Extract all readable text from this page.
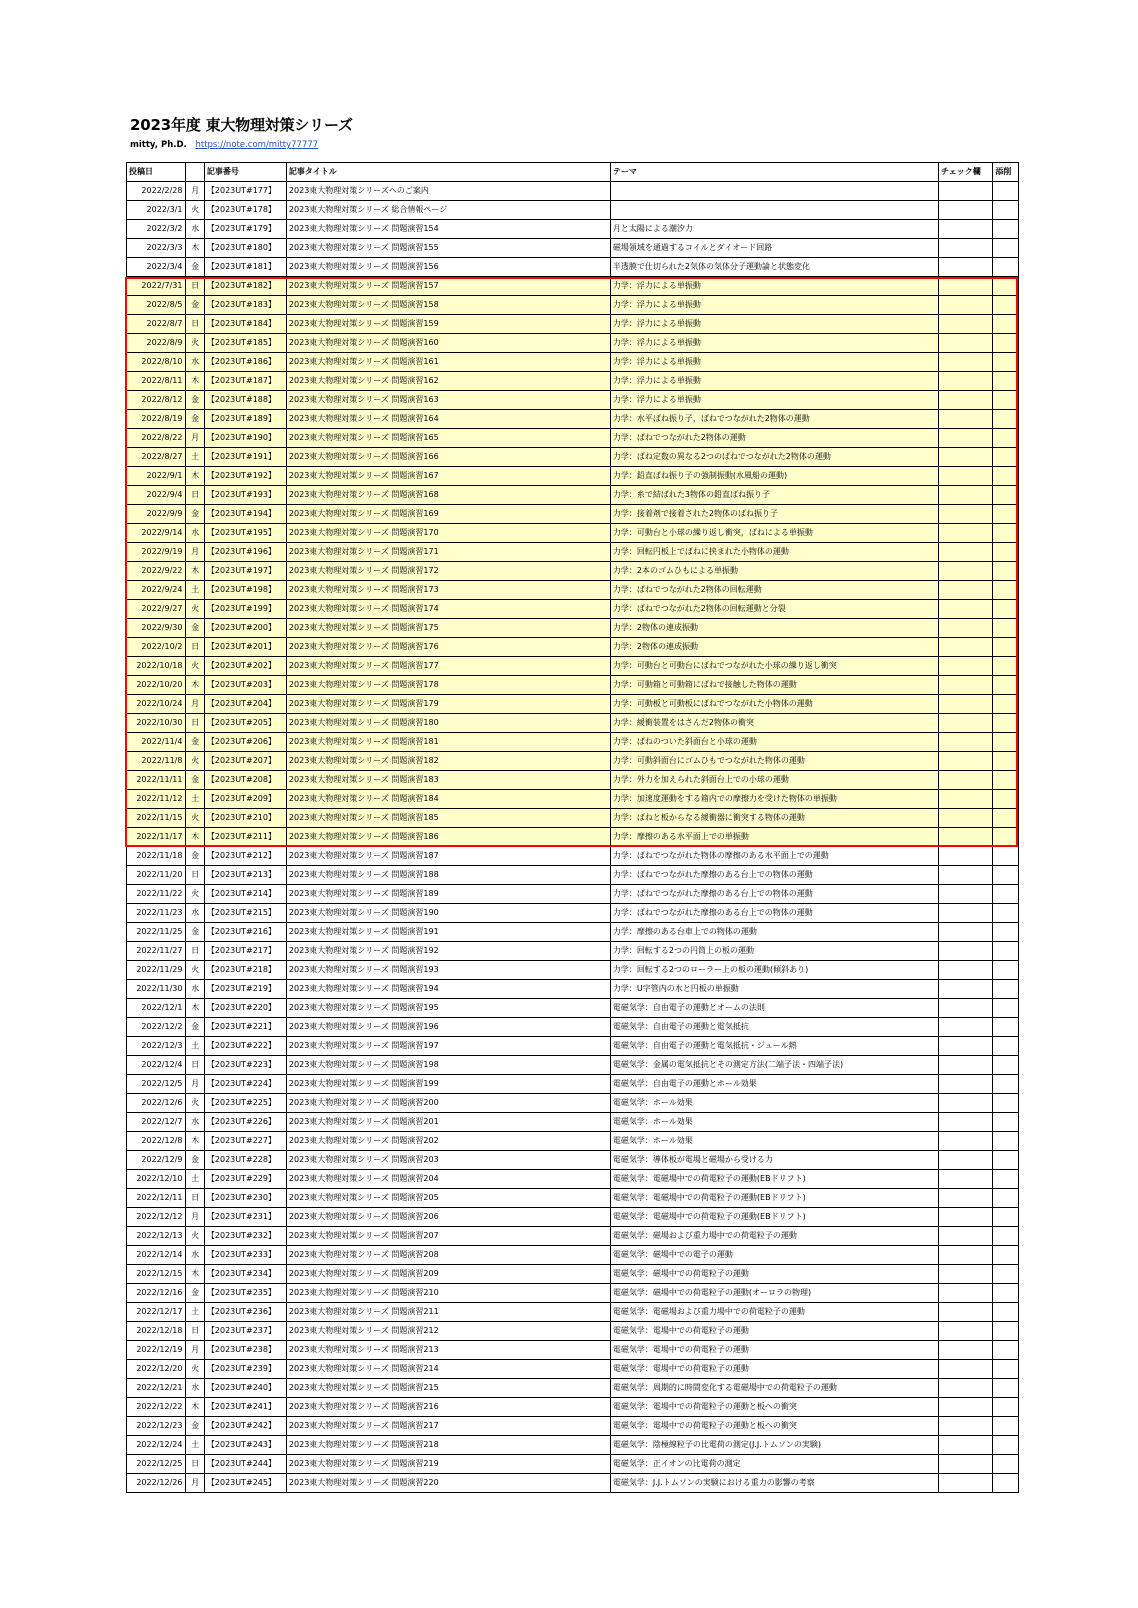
2023年度 東大物理対策シリーズ
mitty, Ph.D. https://note.com/mitty77777
投稿日		記事番号	記事タイトル	テーマ	チェック欄	添削
2022/2/28	月	【2023UT#177】	2023東大物理対策シリーズへのご案内			
2022/3/1	火	【2023UT#178】	2023東大物理対策シリーズ 総合情報ページ			
2022/3/2	水	【2023UT#179】	2023東大物理対策シリーズ 問題演習154	月と太陽による潮汐力		
2022/3/3	木	【2023UT#180】	2023東大物理対策シリーズ 問題演習155	磁場領域を通過するコイルとダイオード回路		
2022/3/4	金	【2023UT#181】	2023東大物理対策シリーズ 問題演習156	半透膜で仕切られた2気体の気体分子運動論と状態変化		
2022/7/31	日	【2023UT#182】	2023東大物理対策シリーズ 問題演習157	力学：浮力による単振動		
2022/8/5	金	【2023UT#183】	2023東大物理対策シリーズ 問題演習158	力学：浮力による単振動		
2022/8/7	日	【2023UT#184】	2023東大物理対策シリーズ 問題演習159	力学：浮力による単振動		
2022/8/9	火	【2023UT#185】	2023東大物理対策シリーズ 問題演習160	力学：浮力による単振動		
2022/8/10	水	【2023UT#186】	2023東大物理対策シリーズ 問題演習161	力学：浮力による単振動		
2022/8/11	木	【2023UT#187】	2023東大物理対策シリーズ 問題演習162	力学：浮力による単振動		
2022/8/12	金	【2023UT#188】	2023東大物理対策シリーズ 問題演習163	力学：浮力による単振動		
2022/8/19	金	【2023UT#189】	2023東大物理対策シリーズ 問題演習164	力学：水平ばね振り子，ばねでつながれた2物体の運動		
2022/8/22	月	【2023UT#190】	2023東大物理対策シリーズ 問題演習165	力学：ばねでつながれた2物体の運動		
2022/8/27	土	【2023UT#191】	2023東大物理対策シリーズ 問題演習166	力学：ばね定数の異なる2つのばねでつながれた2物体の運動		
2022/9/1	木	【2023UT#192】	2023東大物理対策シリーズ 問題演習167	力学：鉛直ばね振り子の強制振動(水風船の運動)		
2022/9/4	日	【2023UT#193】	2023東大物理対策シリーズ 問題演習168	力学：糸で結ばれた3物体の鉛直ばね振り子		
2022/9/9	金	【2023UT#194】	2023東大物理対策シリーズ 問題演習169	力学：接着剤で接着された2物体のばね振り子		
2022/9/14	水	【2023UT#195】	2023東大物理対策シリーズ 問題演習170	力学：可動台と小球の繰り返し衝突，ばねによる単振動		
2022/9/19	月	【2023UT#196】	2023東大物理対策シリーズ 問題演習171	力学：回転円板上でばねに挟まれた小物体の運動		
2022/9/22	木	【2023UT#197】	2023東大物理対策シリーズ 問題演習172	力学：2本のゴムひもによる単振動		
2022/9/24	土	【2023UT#198】	2023東大物理対策シリーズ 問題演習173	力学：ばねでつながれた2物体の回転運動		
2022/9/27	火	【2023UT#199】	2023東大物理対策シリーズ 問題演習174	力学：ばねでつながれた2物体の回転運動と分裂		
2022/9/30	金	【2023UT#200】	2023東大物理対策シリーズ 問題演習175	力学：2物体の連成振動		
2022/10/2	日	【2023UT#201】	2023東大物理対策シリーズ 問題演習176	力学：2物体の連成振動		
2022/10/18	火	【2023UT#202】	2023東大物理対策シリーズ 問題演習177	力学：可動台と可動台にばねでつながれた小球の繰り返し衝突		
2022/10/20	木	【2023UT#203】	2023東大物理対策シリーズ 問題演習178	力学：可動箱と可動箱にばねで接触した物体の運動		
2022/10/24	月	【2023UT#204】	2023東大物理対策シリーズ 問題演習179	力学：可動板と可動板にばねでつながれた小物体の運動		
2022/10/30	日	【2023UT#205】	2023東大物理対策シリーズ 問題演習180	力学：緩衝装置をはさんだ2物体の衝突		
2022/11/4	金	【2023UT#206】	2023東大物理対策シリーズ 問題演習181	力学：ばねのついた斜面台と小球の運動		
2022/11/8	火	【2023UT#207】	2023東大物理対策シリーズ 問題演習182	力学：可動斜面台にゴムひもでつながれた物体の運動		
2022/11/11	金	【2023UT#208】	2023東大物理対策シリーズ 問題演習183	力学：外力を加えられた斜面台上での小球の運動		
2022/11/12	土	【2023UT#209】	2023東大物理対策シリーズ 問題演習184	力学：加速度運動をする箱内での摩擦力を受けた物体の単振動		
2022/11/15	火	【2023UT#210】	2023東大物理対策シリーズ 問題演習185	力学：ばねと板からなる緩衝器に衝突する物体の運動		
2022/11/17	木	【2023UT#211】	2023東大物理対策シリーズ 問題演習186	力学：摩擦のある水平面上での単振動		
2022/11/18	金	【2023UT#212】	2023東大物理対策シリーズ 問題演習187	力学：ばねでつながれた物体の摩擦のある水平面上での運動		
2022/11/20	日	【2023UT#213】	2023東大物理対策シリーズ 問題演習188	力学：ばねでつながれた摩擦のある台上での物体の運動		
2022/11/22	火	【2023UT#214】	2023東大物理対策シリーズ 問題演習189	力学：ばねでつながれた摩擦のある台上での物体の運動		
2022/11/23	水	【2023UT#215】	2023東大物理対策シリーズ 問題演習190	力学：ばねでつながれた摩擦のある台上での物体の運動		
2022/11/25	金	【2023UT#216】	2023東大物理対策シリーズ 問題演習191	力学：摩擦のある台車上での物体の運動		
2022/11/27	日	【2023UT#217】	2023東大物理対策シリーズ 問題演習192	力学：回転する2つの円筒上の板の運動		
2022/11/29	火	【2023UT#218】	2023東大物理対策シリーズ 問題演習193	力学：回転する2つのローラー上の板の運動(傾斜あり)		
2022/11/30	水	【2023UT#219】	2023東大物理対策シリーズ 問題演習194	力学：U字管内の水と円板の単振動		
2022/12/1	木	【2023UT#220】	2023東大物理対策シリーズ 問題演習195	電磁気学：自由電子の運動とオームの法則		
2022/12/2	金	【2023UT#221】	2023東大物理対策シリーズ 問題演習196	電磁気学：自由電子の運動と電気抵抗		
2022/12/3	土	【2023UT#222】	2023東大物理対策シリーズ 問題演習197	電磁気学：自由電子の運動と電気抵抗・ジュール熱		
2022/12/4	日	【2023UT#223】	2023東大物理対策シリーズ 問題演習198	電磁気学：金属の電気抵抗とその測定方法(二端子法・四端子法)		
2022/12/5	月	【2023UT#224】	2023東大物理対策シリーズ 問題演習199	電磁気学：自由電子の運動とホール効果		
2022/12/6	火	【2023UT#225】	2023東大物理対策シリーズ 問題演習200	電磁気学：ホール効果		
2022/12/7	水	【2023UT#226】	2023東大物理対策シリーズ 問題演習201	電磁気学：ホール効果		
2022/12/8	木	【2023UT#227】	2023東大物理対策シリーズ 問題演習202	電磁気学：ホール効果		
2022/12/9	金	【2023UT#228】	2023東大物理対策シリーズ 問題演習203	電磁気学：導体板が電場と磁場から受ける力		
2022/12/10	土	【2023UT#229】	2023東大物理対策シリーズ 問題演習204	電磁気学：電磁場中での荷電粒子の運動(EBドリフト)		
2022/12/11	日	【2023UT#230】	2023東大物理対策シリーズ 問題演習205	電磁気学：電磁場中での荷電粒子の運動(EBドリフト)		
2022/12/12	月	【2023UT#231】	2023東大物理対策シリーズ 問題演習206	電磁気学：電磁場中での荷電粒子の運動(EBドリフト)		
2022/12/13	火	【2023UT#232】	2023東大物理対策シリーズ 問題演習207	電磁気学：磁場および重力場中での荷電粒子の運動		
2022/12/14	水	【2023UT#233】	2023東大物理対策シリーズ 問題演習208	電磁気学：磁場中での電子の運動		
2022/12/15	木	【2023UT#234】	2023東大物理対策シリーズ 問題演習209	電磁気学：磁場中での荷電粒子の運動		
2022/12/16	金	【2023UT#235】	2023東大物理対策シリーズ 問題演習210	電磁気学：磁場中での荷電粒子の運動(オーロラの物理)		
2022/12/17	土	【2023UT#236】	2023東大物理対策シリーズ 問題演習211	電磁気学：電磁場および重力場中での荷電粒子の運動		
2022/12/18	日	【2023UT#237】	2023東大物理対策シリーズ 問題演習212	電磁気学：電場中での荷電粒子の運動		
2022/12/19	月	【2023UT#238】	2023東大物理対策シリーズ 問題演習213	電磁気学：電場中での荷電粒子の運動		
2022/12/20	火	【2023UT#239】	2023東大物理対策シリーズ 問題演習214	電磁気学：電場中での荷電粒子の運動		
2022/12/21	水	【2023UT#240】	2023東大物理対策シリーズ 問題演習215	電磁気学：周期的に時間変化する電磁場中での荷電粒子の運動		
2022/12/22	木	【2023UT#241】	2023東大物理対策シリーズ 問題演習216	電磁気学：電場中での荷電粒子の運動と板への衝突		
2022/12/23	金	【2023UT#242】	2023東大物理対策シリーズ 問題演習217	電磁気学：電場中での荷電粒子の運動と板への衝突		
2022/12/24	土	【2023UT#243】	2023東大物理対策シリーズ 問題演習218	電磁気学：陰極線粒子の比電荷の測定(J.J.トムソンの実験)		
2022/12/25	日	【2023UT#244】	2023東大物理対策シリーズ 問題演習219	電磁気学：正イオンの比電荷の測定		
2022/12/26	月	【2023UT#245】	2023東大物理対策シリーズ 問題演習220	電磁気学：J.J.トムソンの実験における重力の影響の考察		
